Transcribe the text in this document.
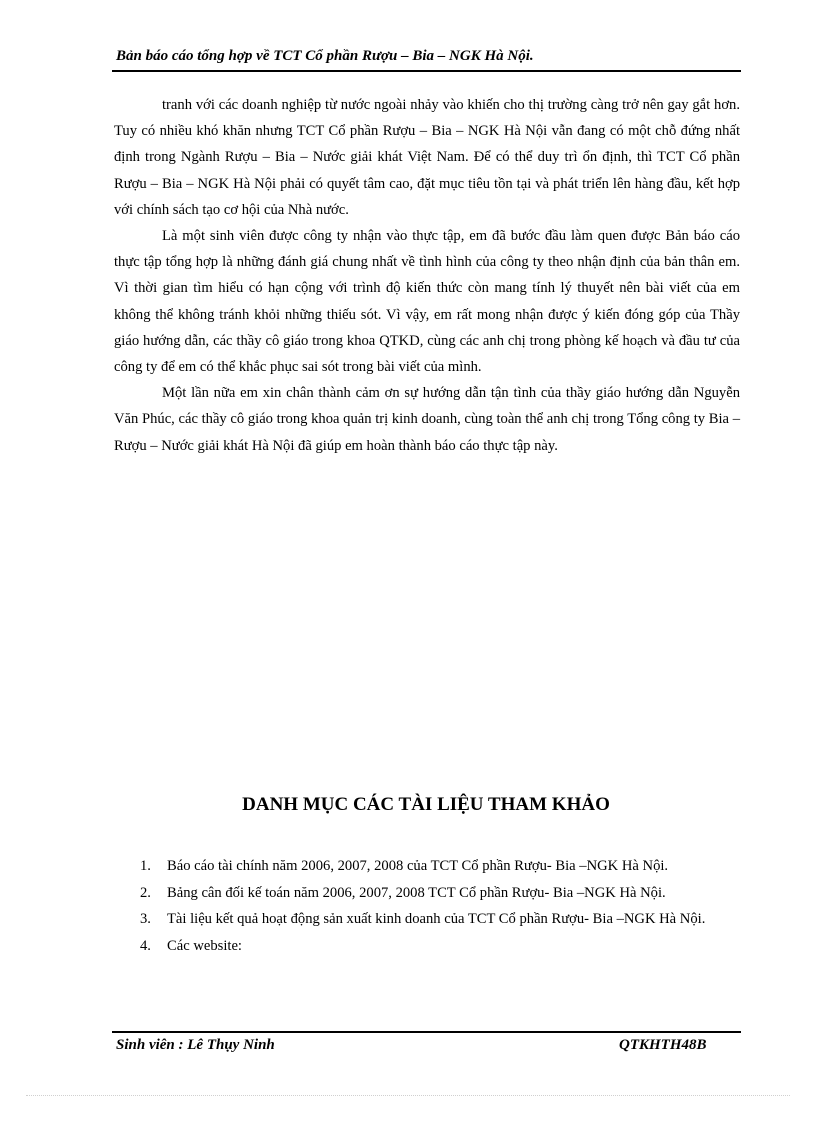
Bản báo cáo tổng hợp về TCT Cổ phần Rượu – Bia – NGK Hà Nội.

tranh với các doanh nghiệp từ nước ngoài nhảy vào khiến cho thị trường càng trở nên gay gắt hơn. Tuy có nhiều khó khăn nhưng TCT Cổ phần Rượu – Bia – NGK Hà Nội vẫn đang có một chỗ đứng nhất định trong Ngành Rượu – Bia – Nước giải khát Việt Nam. Để có thể duy trì ổn định, thì TCT Cổ phần Rượu – Bia – NGK Hà Nội phải có quyết tâm cao, đặt mục tiêu tồn tại và phát triển lên hàng đầu, kết hợp với chính sách tạo cơ hội của Nhà nước.

Là một sinh viên được công ty nhận vào thực tập, em đã bước đầu làm quen được Bản báo cáo thực tập tổng hợp là những đánh giá chung nhất về tình hình của công ty theo nhận định của bản thân em. Vì thời gian tìm hiểu có hạn cộng với trình độ kiến thức còn mang tính lý thuyết nên bài viết của em không thể không tránh khỏi những thiếu sót. Vì vậy, em rất mong nhận được ý kiến đóng góp của Thầy giáo hướng dẫn, các thầy cô giáo trong khoa QTKD, cùng các anh chị trong phòng kế hoạch và đầu tư của công ty để em có thể khắc phục sai sót trong bài viết của mình.

Một lần nữa em xin chân thành cảm ơn sự hướng dẫn tận tình của thầy giáo hướng dẫn Nguyễn Văn Phúc, các thầy cô giáo trong khoa quản trị kinh doanh, cùng toàn thể anh chị trong Tổng công ty Bia – Rượu – Nước giải khát Hà Nội đã giúp em hoàn thành báo cáo thực tập này.

DANH MỤC CÁC TÀI LIỆU THAM KHẢO
1. Báo cáo tài chính năm 2006, 2007, 2008 của TCT Cổ phần Rượu- Bia –NGK Hà Nội.
2. Bảng cân đối kế toán năm 2006, 2007, 2008 TCT Cổ phần Rượu- Bia –NGK Hà Nội.
3. Tài liệu kết quả hoạt động sản xuất kinh doanh của TCT Cổ phần Rượu- Bia –NGK Hà Nội.
4. Các website:
Sinh viên : Lê Thụy Ninh	QTKHTH48B
